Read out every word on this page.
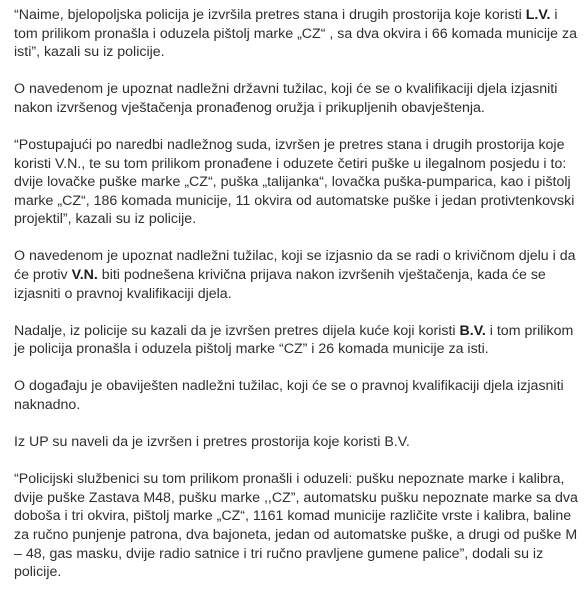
“Naime, bjelopoljska policija je izvršila pretres stana i drugih prostorija koje koristi L.V. i tom prilikom pronašla i oduzela pištolj marke „CZ“ , sa dva okvira i 66 komada municije za isti”, kazali su iz policije.

O navedenom je upoznat nadležni državni tužilac, koji će se o kvalifikaciji djela izjasniti nakon izvršenog vještačenja pronađenog oružja i prikupljenih obavještenja.

“Postupajući po naredbi nadležnog suda, izvršen je pretres stana i drugih prostorija koje koristi V.N., te su tom prilikom pronađene i oduzete četiri puške u ilegalnom posjedu i to: dvije lovačke puške marke „CZ“, puška „talijanka“, lovačka puška-pumparica, kao i pištolj marke „CZ“, 186 komada municije, 11 okvira od automatske puške i jedan protivtenkovski projektil”, kazali su iz policije.

O navedenom je upoznat nadležni tužilac, koji se izjasnio da se radi o krivičnom djelu i da će protiv V.N. biti podnešena krivična prijava nakon izvršenih vještačenja, kada će se izjasniti o pravnoj kvalifikaciji djela.

Nadalje, iz policije su kazali da je izvršen pretres dijela kuće koji koristi B.V. i tom prilikom je policija pronašla i oduzela pištolj marke “CZ” i 26 komada municije za isti.

O događaju je obaviješten nadležni tužilac, koji će se o pravnoj kvalifikaciji djela izjasniti naknadno.

Iz UP su naveli da je izvršen i pretres prostorija koje koristi B.V.

“Policijski službenici su tom prilikom pronašli i oduzeli: pušku nepoznate marke i kalibra, dvije puške Zastava M48, pušku marke ,,CZ”, automatsku pušku nepoznate marke sa dva doboša i tri okvira, pištolj marke „CZ“, 1161 komad municije različite vrste i kalibra, baline za ručno punjenje patrona, dva bajoneta, jedan od automatske puške, a drugi od puške M – 48, gas masku, dvije radio satnice i tri ručno pravljene gumene palice”, dodali su iz policije.
